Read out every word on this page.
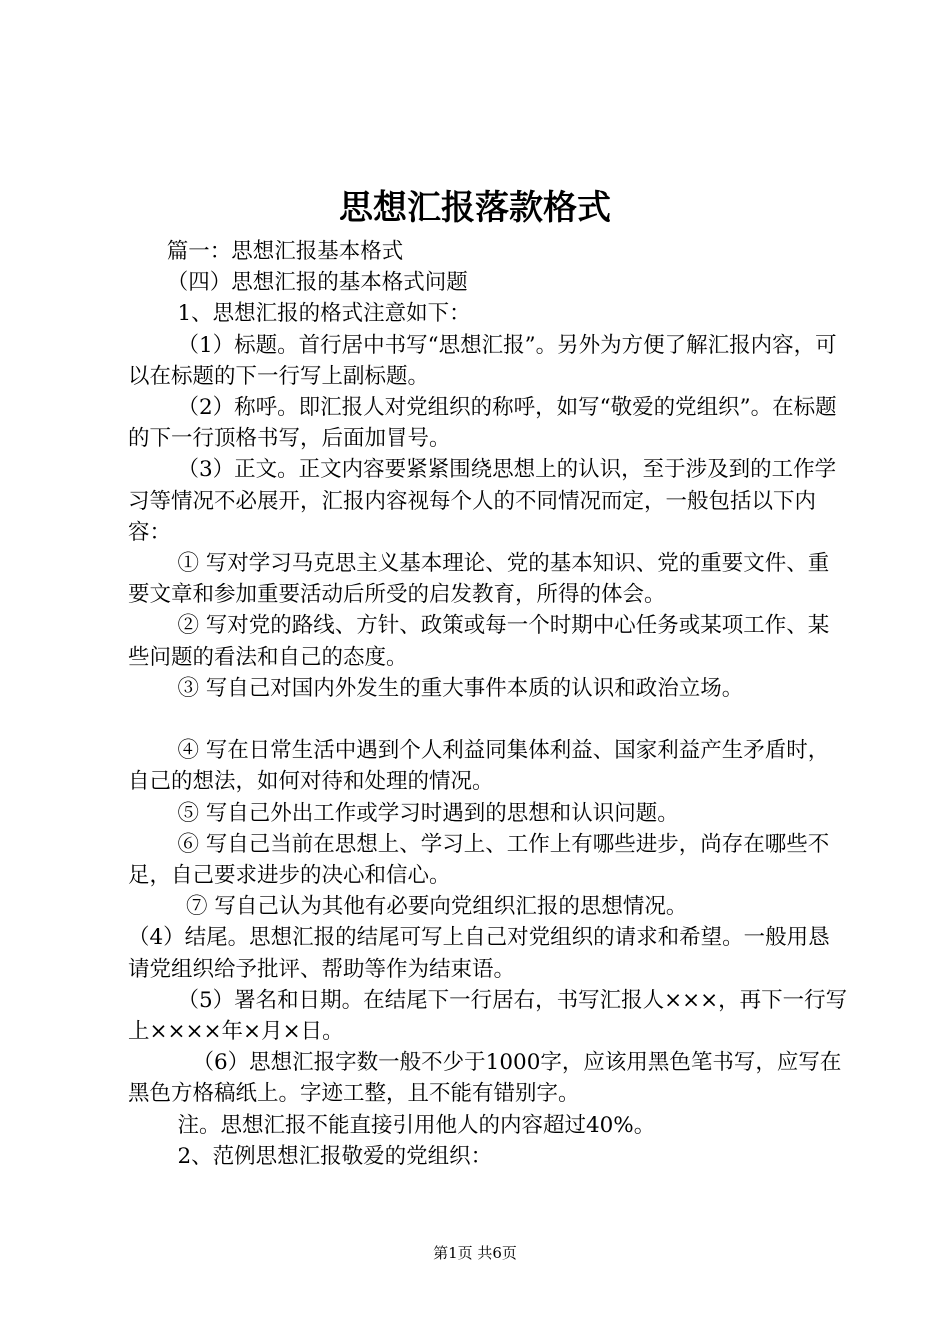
思想汇报落款格式

篇一：思想汇报基本格式

（四）思想汇报的基本格式问题

1、思想汇报的格式注意如下：

（1）标题。首行居中书写“思想汇报”。另外为方便了解汇报内容，可以在标题的下一行写上副标题。

（2）称呼。即汇报人对党组织的称呼，如写“敬爱的党组织”。在标题的下一行顶格书写，后面加冒号。

（3）正文。正文内容要紧紧围绕思想上的认识，至于涉及到的工作学习等情况不必展开，汇报内容视每个人的不同情况而定，一般包括以下内容：

① 写对学习马克思主义基本理论、党的基本知识、党的重要文件、重要文章和参加重要活动后所受的启发教育，所得的体会。

② 写对党的路线、方针、政策或每一个时期中心任务或某项工作、某些问题的看法和自己的态度。

③ 写自己对国内外发生的重大事件本质的认识和政治立场。

④ 写在日常生活中遇到个人利益同集体利益、国家利益产生矛盾时，自己的想法，如何对待和处理的情况。

⑤ 写自己外出工作或学习时遇到的思想和认识问题。

⑥ 写自己当前在思想上、学习上、工作上有哪些进步，尚存在哪些不足，自己要求进步的决心和信心。

⑦ 写自己认为其他有必要向党组织汇报的思想情况。

（4）结尾。思想汇报的结尾可写上自己对党组织的请求和希望。一般用恳请党组织给予批评、帮助等作为结束语。

（5）署名和日期。在结尾下一行居右，书写汇报人×××，再下一行写上××××年×月×日。

（6）思想汇报字数一般不少于1000字，应该用黑色笔书写，应写在黑色方格稿纸上。字迹工整，且不能有错别字。

注。思想汇报不能直接引用他人的内容超过40%。

2、范例思想汇报敬爱的党组织：

第1页 共6页
